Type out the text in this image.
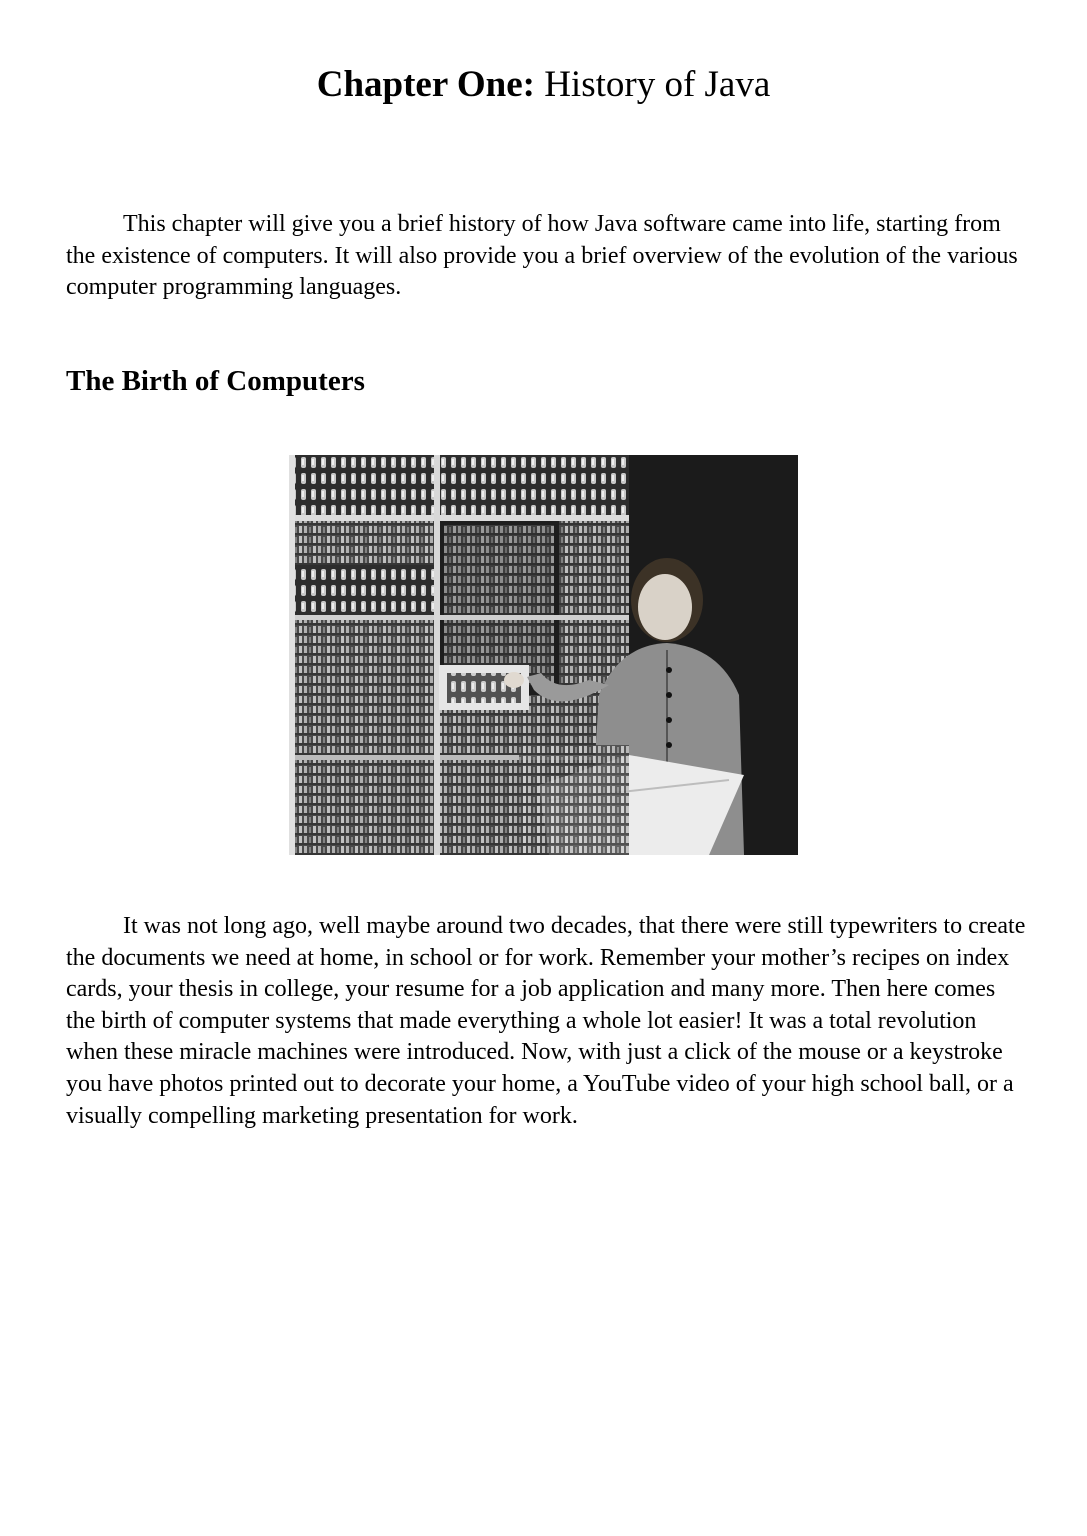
Chapter One: History of Java

This chapter will give you a brief history of how Java software came into life, starting from the existence of computers. It will also provide you a brief overview of the evolution of the various computer programming languages.

The Birth of Computers

It was not long ago, well maybe around two decades, that there were still typewriters to create the documents we need at home, in school or for work. Remember your mother’s recipes on index cards, your thesis in college, your resume for a job application and many more. Then here comes the birth of computer systems that made everything a whole lot easier! It was a total revolution when these miracle machines were introduced. Now, with just a click of the mouse or a keystroke you have photos printed out to decorate your home, a YouTube video of your high school ball, or a visually compelling marketing presentation for work.
